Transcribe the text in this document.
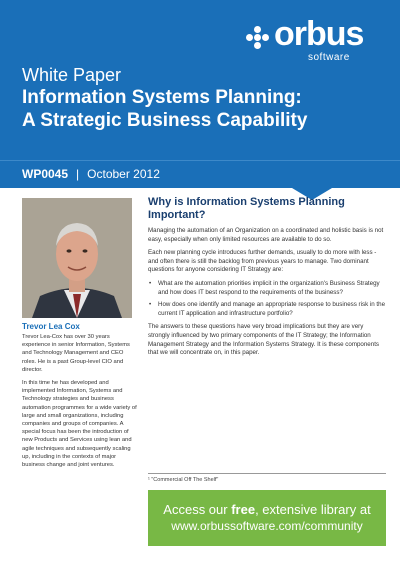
orbus
software
White Paper
Information Systems Planning:
A Strategic Business Capability
WP0045 | October 2012
Trevor Lea Cox

Trevor Lea-Cox has over 30 years experience in senior Information, Systems and Technology Management and CEO roles. He is a past Group-level CIO and director.

In this time he has developed and implemented Information, Systems and Technology strategies and business automation programmes for a wide variety of large and small organizations, including companies and groups of companies. A special focus has been the introduction of new Products and Services using lean and agile techniques and subsequently scaling up, including in the contexts of major business change and joint ventures.

Why is Information Systems Planning Important?

Managing the automation of an Organization on a coordinated and holistic basis is not easy, especially when only limited resources are available to do so.

Each new planning cycle introduces further demands, usually to do more with less - and often there is still the backlog from previous years to manage. Two dominant questions for anyone considering IT Strategy are:

• What are the automation priorities implicit in the organization's Business Strategy and how does IT best respond to the requirements of the business?
• How does one identify and manage an appropriate response to business risk in the current IT application and infrastructure portfolio?

The answers to these questions have very broad implications but they are very strongly influenced by two primary components of the IT Strategy; the Information Management Strategy and the Information Systems Strategy. It is these components that we will concentrate on, in this paper.

¹ "Commercial Off The Shelf"
Access our free, extensive library at
www.orbussoftware.com/community
